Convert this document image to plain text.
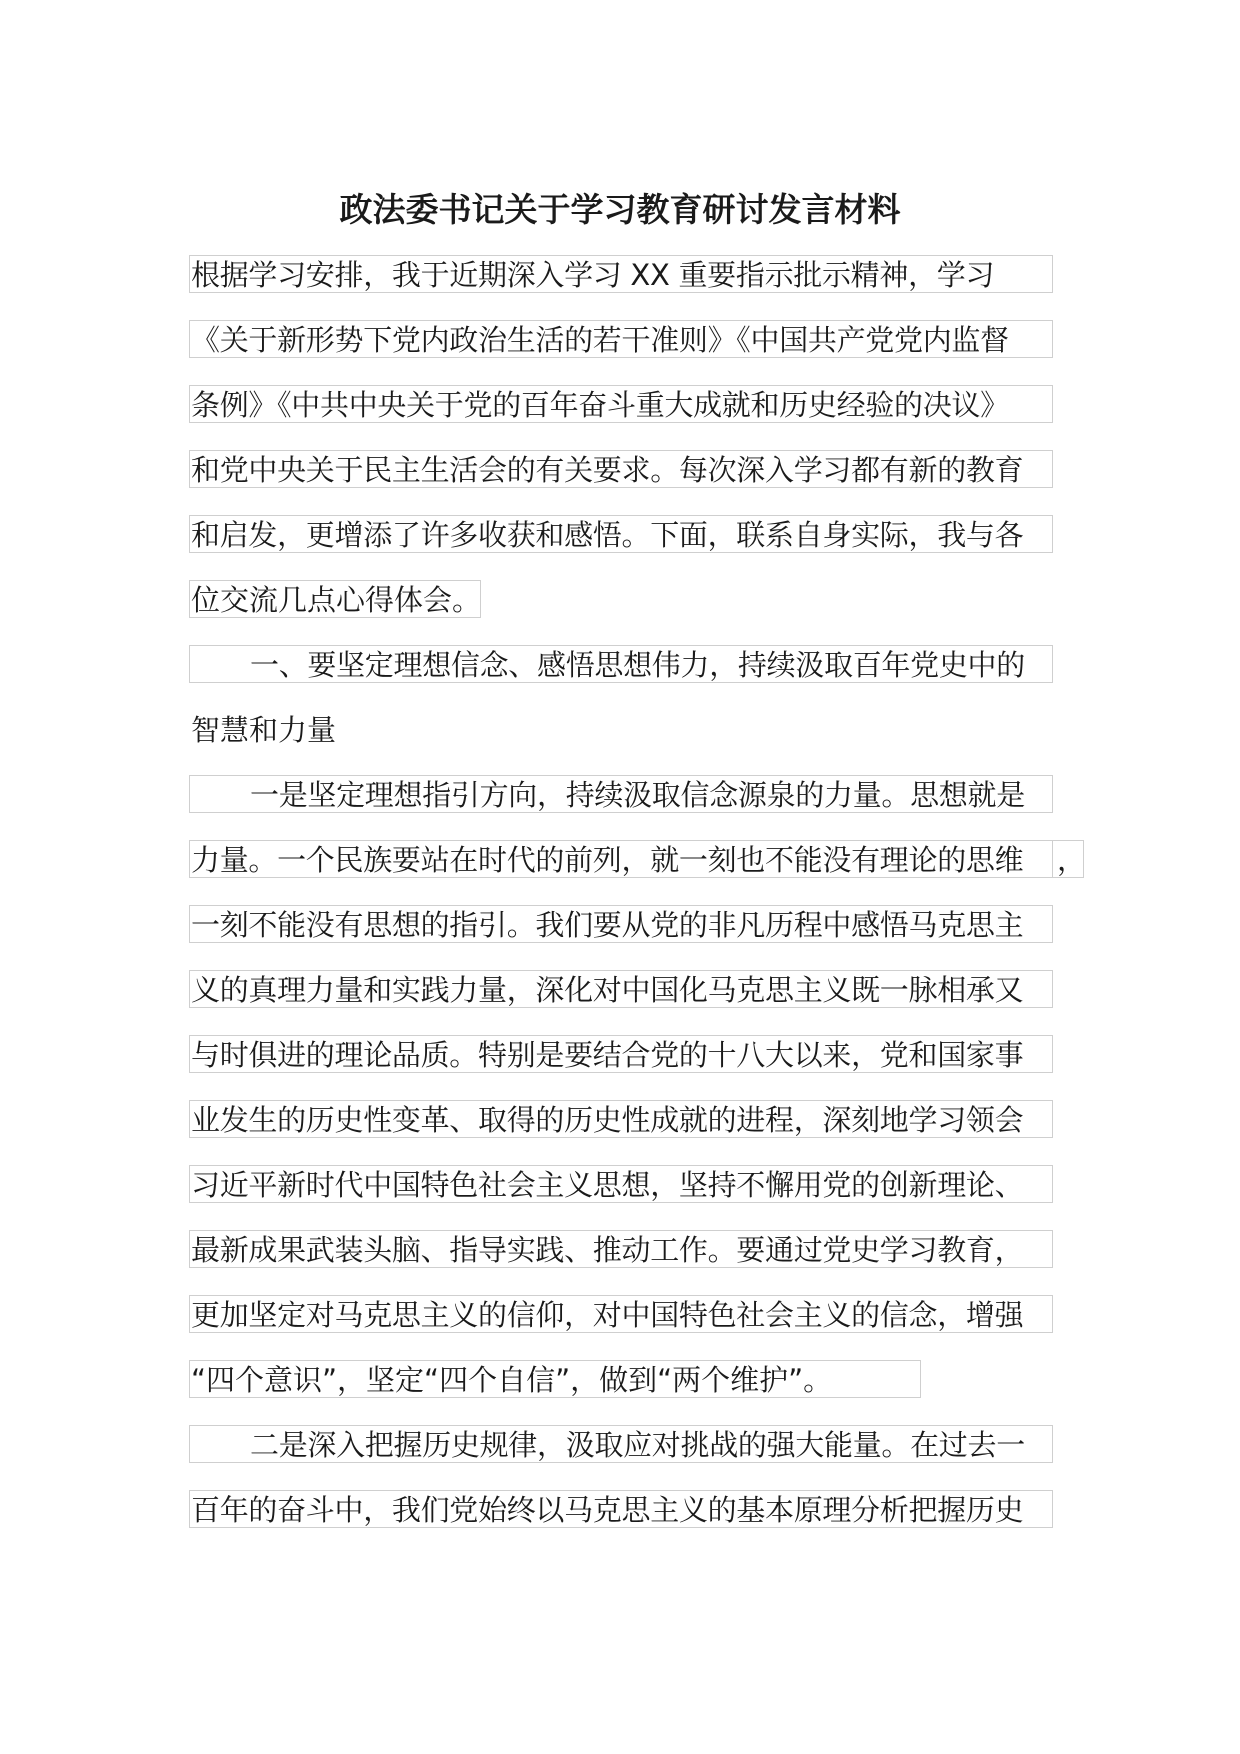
政法委书记关于学习教育研讨发言材料
根据学习安排，我于近期深入学习 XX 重要指示批示精神，学习
《关于新形势下党内政治生活的若干准则》《中国共产党党内监督
条例》《中共中央关于党的百年奋斗重大成就和历史经验的决议》
和党中央关于民主生活会的有关要求。每次深入学习都有新的教育
和启发，更增添了许多收获和感悟。下面，联系自身实际，我与各
位交流几点心得体会。
一、要坚定理想信念、感悟思想伟力，持续汲取百年党史中的
智慧和力量
一是坚定理想指引方向，持续汲取信念源泉的力量。思想就是
力量。一个民族要站在时代的前列，就一刻也不能没有理论的思维	，
一刻不能没有思想的指引。我们要从党的非凡历程中感悟马克思主
义的真理力量和实践力量，深化对中国化马克思主义既一脉相承又
与时俱进的理论品质。特别是要结合党的十八大以来，党和国家事
业发生的历史性变革、取得的历史性成就的进程，深刻地学习领会
习近平新时代中国特色社会主义思想，坚持不懈用党的创新理论、
最新成果武装头脑、指导实践、推动工作。要通过党史学习教育，
更加坚定对马克思主义的信仰，对中国特色社会主义的信念，增强
“四个意识”，坚定“四个自信”，做到“两个维护”。
二是深入把握历史规律，汲取应对挑战的强大能量。在过去一
百年的奋斗中，我们党始终以马克思主义的基本原理分析把握历史
